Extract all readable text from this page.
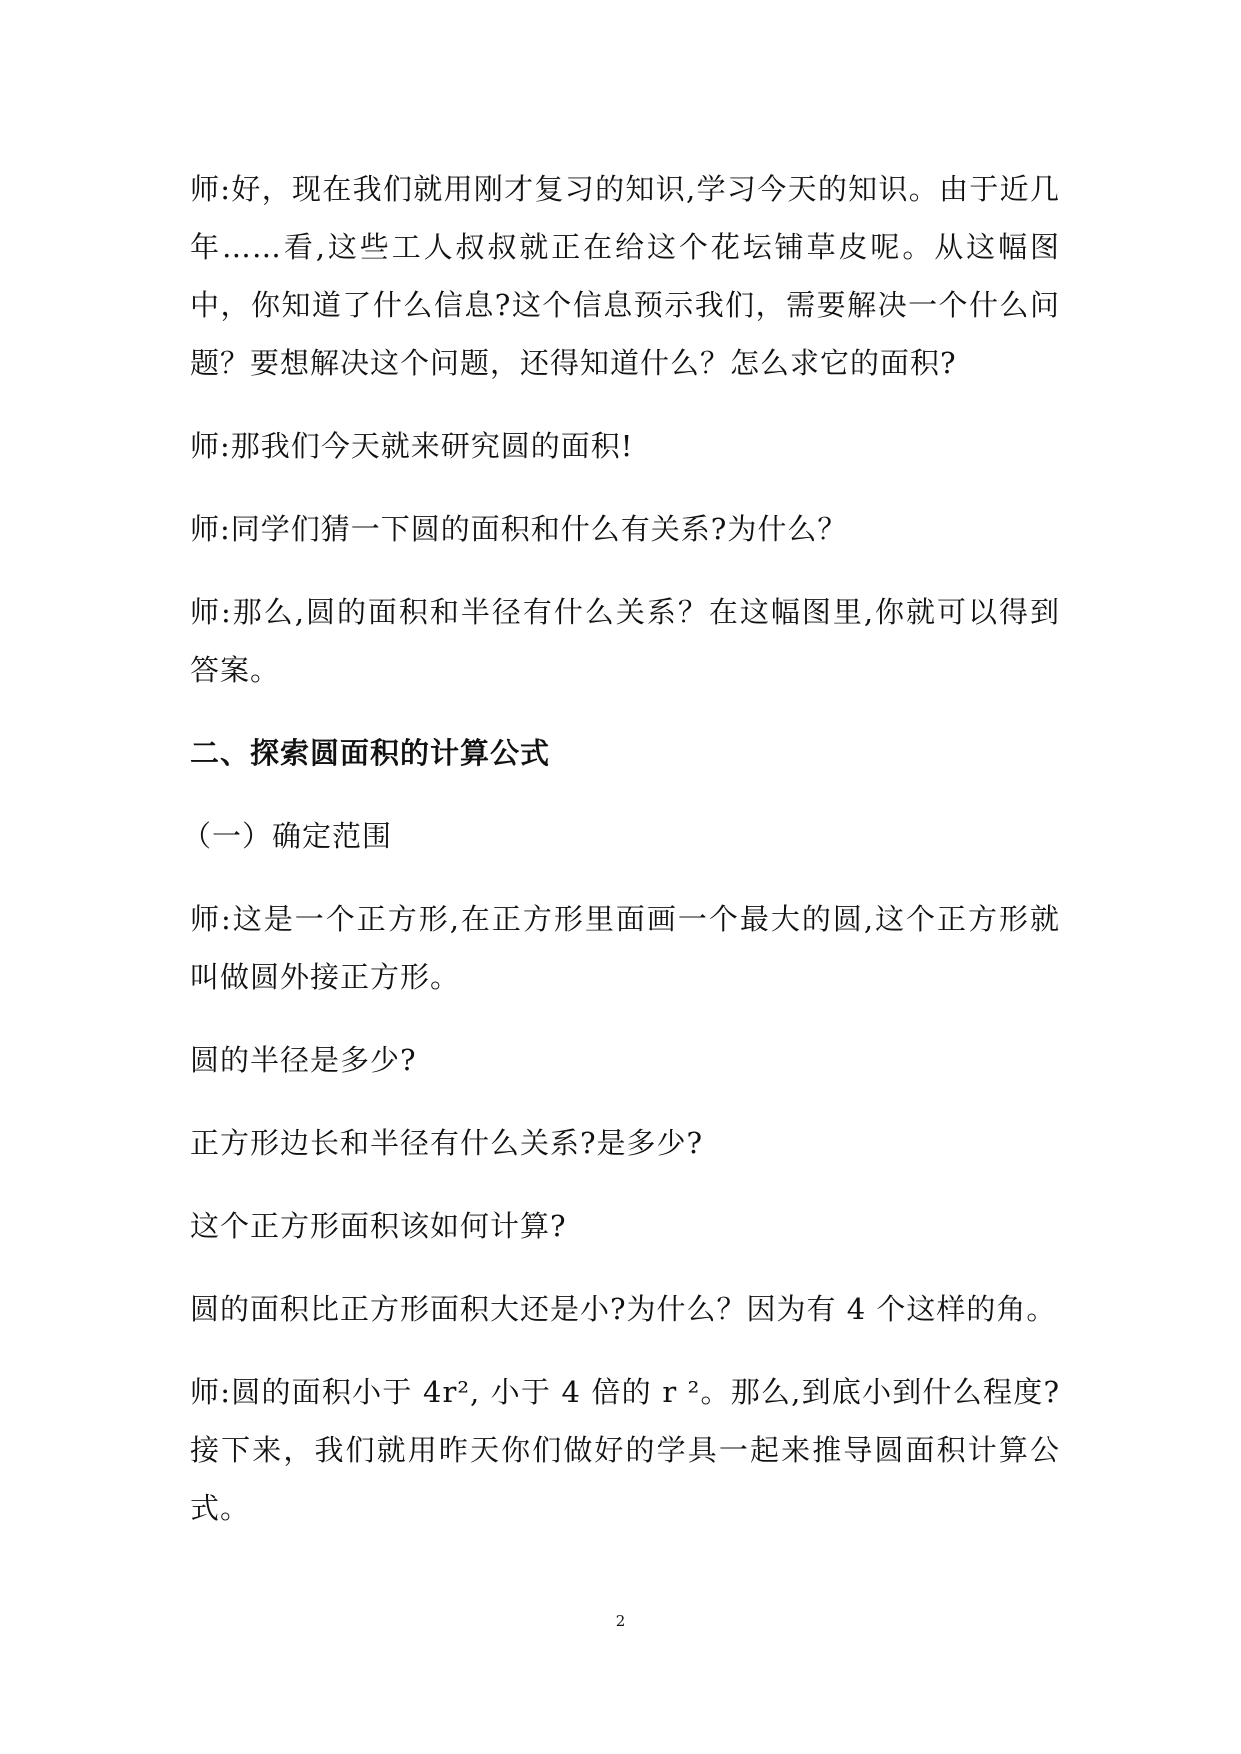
师:好，现在我们就用刚才复习的知识,学习今天的知识。由于近几年……看,这些工人叔叔就正在给这个花坛铺草皮呢。从这幅图中，你知道了什么信息?这个信息预示我们，需要解决一个什么问题？要想解决这个问题，还得知道什么？怎么求它的面积?

师:那我们今天就来研究圆的面积!

师:同学们猜一下圆的面积和什么有关系?为什么？

师:那么,圆的面积和半径有什么关系？在这幅图里,你就可以得到答案。

二、探索圆面积的计算公式

（一）确定范围

师:这是一个正方形,在正方形里面画一个最大的圆,这个正方形就叫做圆外接正方形。

圆的半径是多少?

正方形边长和半径有什么关系?是多少?

这个正方形面积该如何计算?

圆的面积比正方形面积大还是小?为什么？因为有 4 个这样的角。

师:圆的面积小于 4r², 小于 4 倍的 r ²。那么,到底小到什么程度?接下来，我们就用昨天你们做好的学具一起来推导圆面积计算公式。

2
